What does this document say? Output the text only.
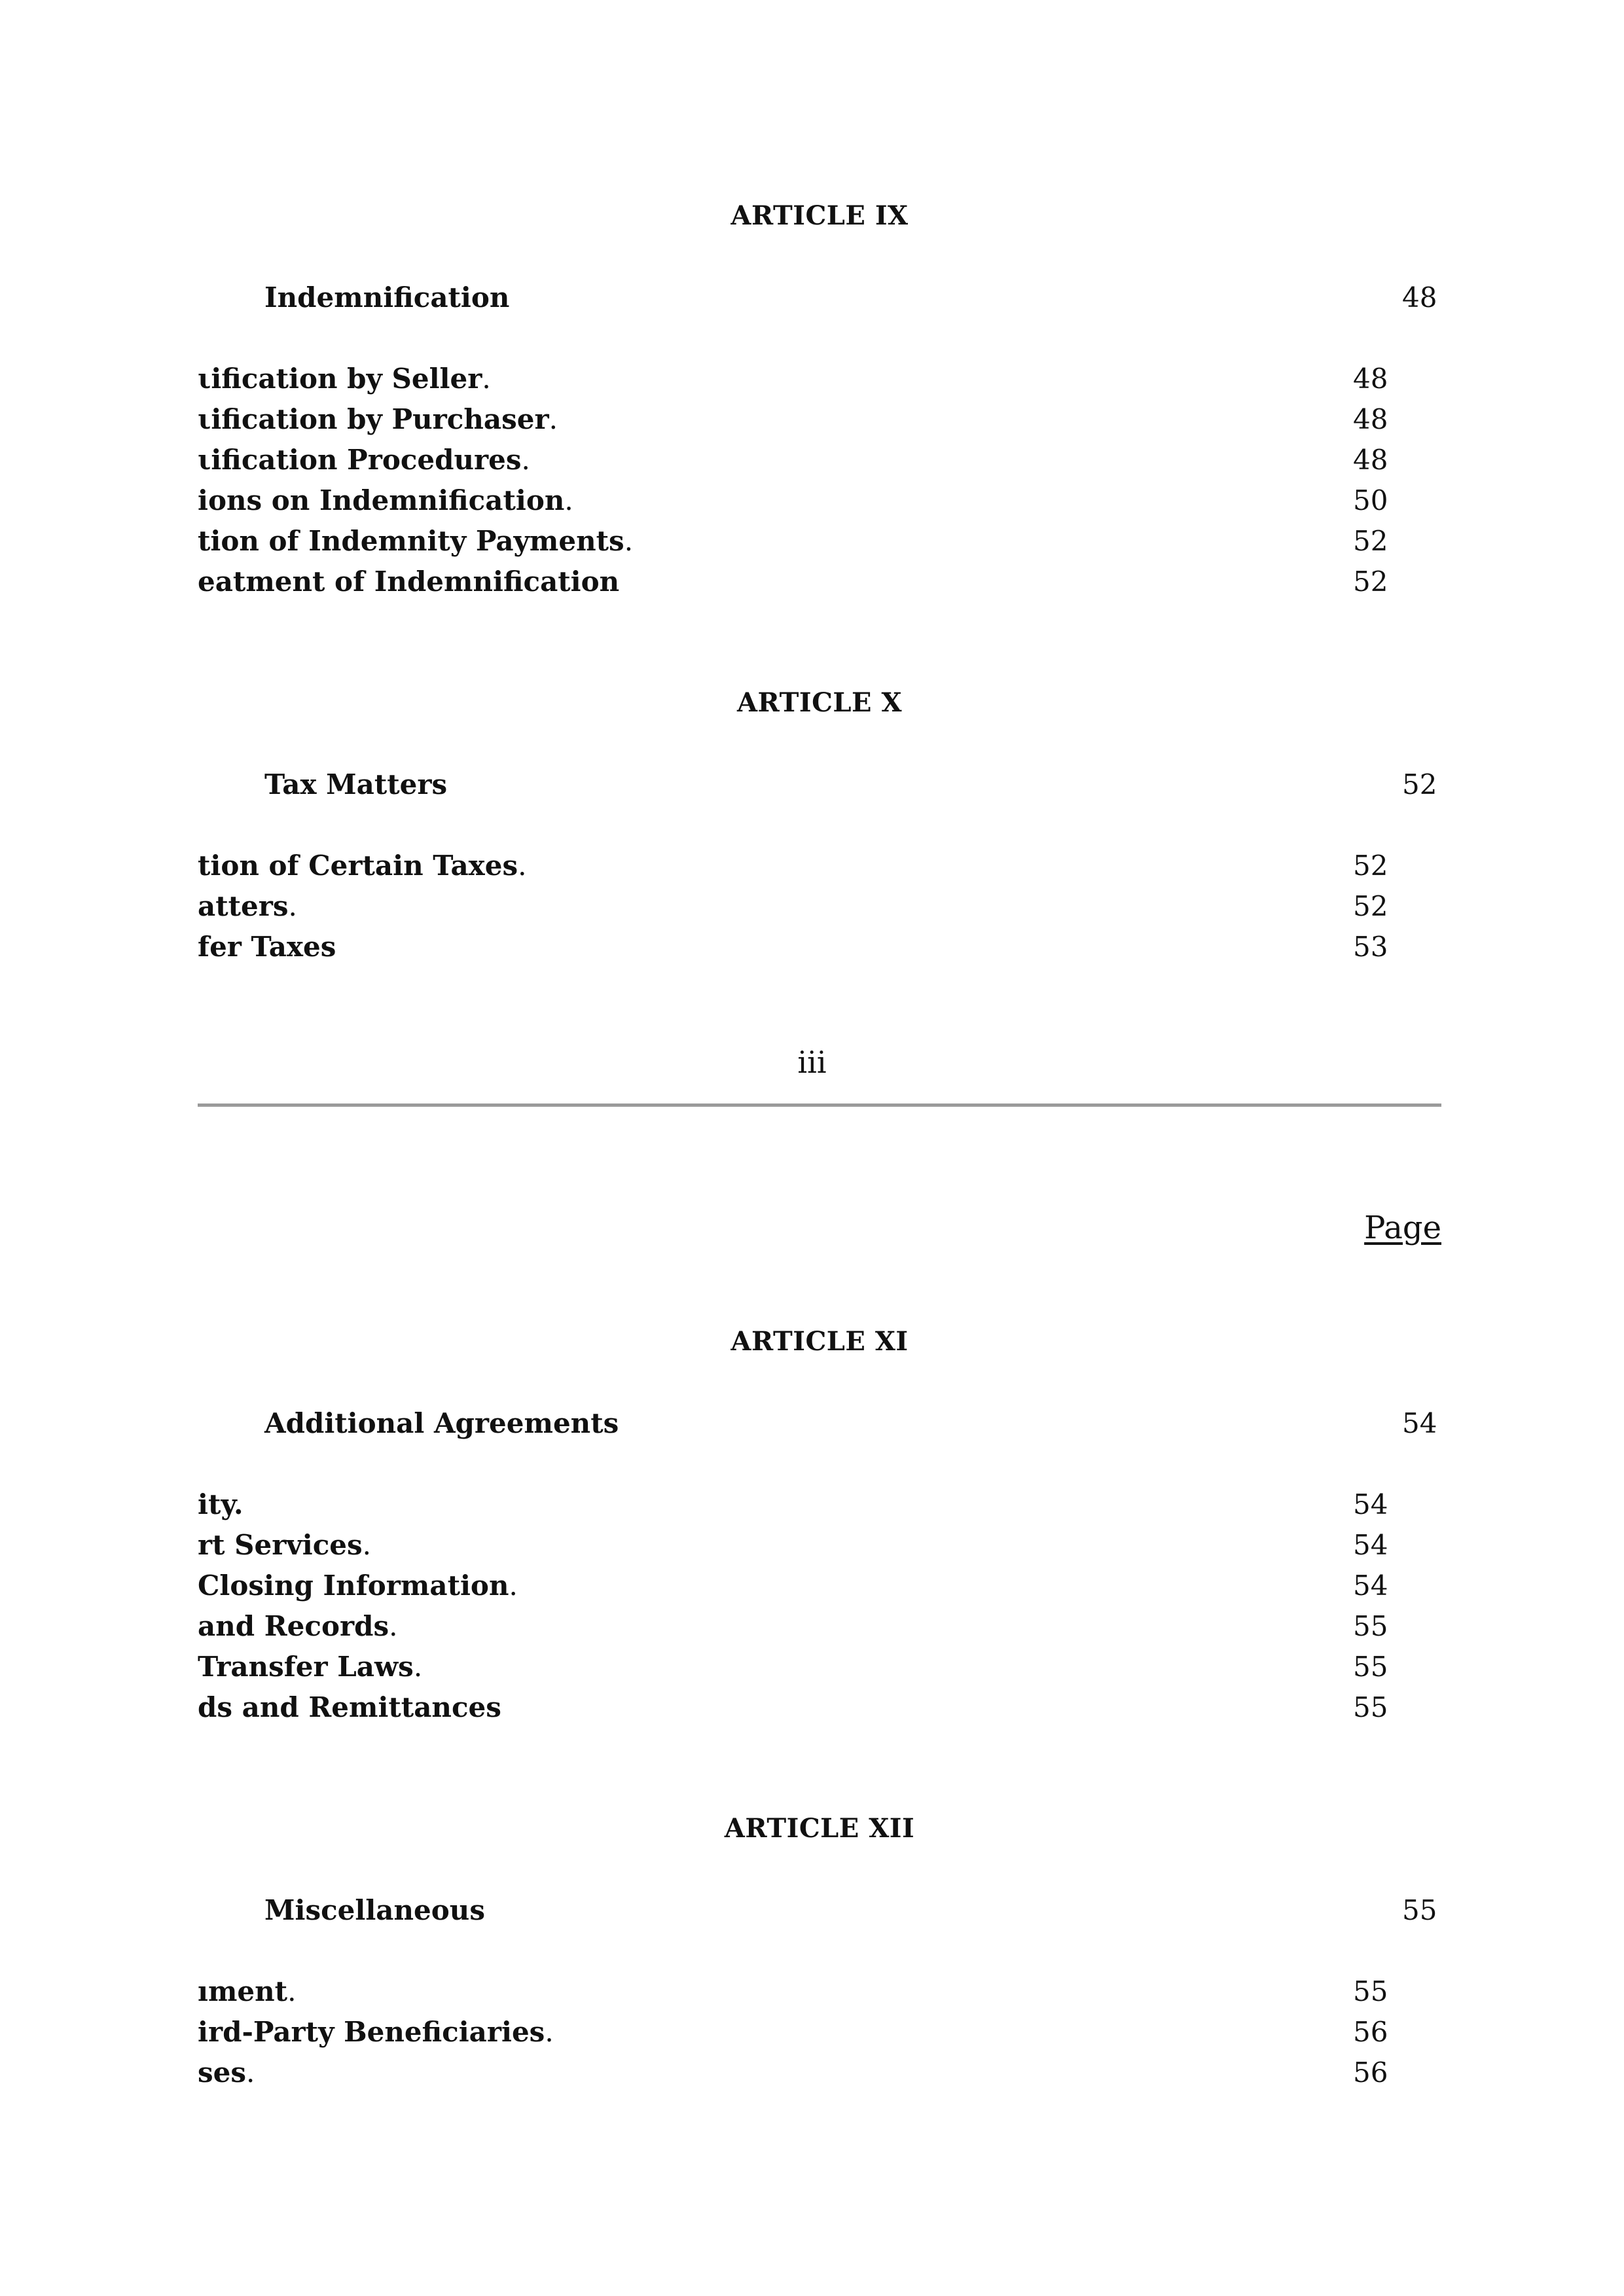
ARTICLE IX
Indemnification	48
ιification by Seller.	48
ιification by Purchaser.	48
ιification Procedures.	48
ions on Indemnification.	50
tion of Indemnity Payments.	52
eatment of Indemnification	52
ARTICLE X
Tax Matters	52
tion of Certain Taxes.	52
atters.	52
fer Taxes	53
iii
Page
ARTICLE XI
Additional Agreements	54
ity.	54
rt Services.	54
Closing Information.	54
and Records.	55
Transfer Laws.	55
ds and Remittances	55
ARTICLE XII
Miscellaneous	55
ıment.	55
ird-Party Beneficiaries.	56
ses.	56
